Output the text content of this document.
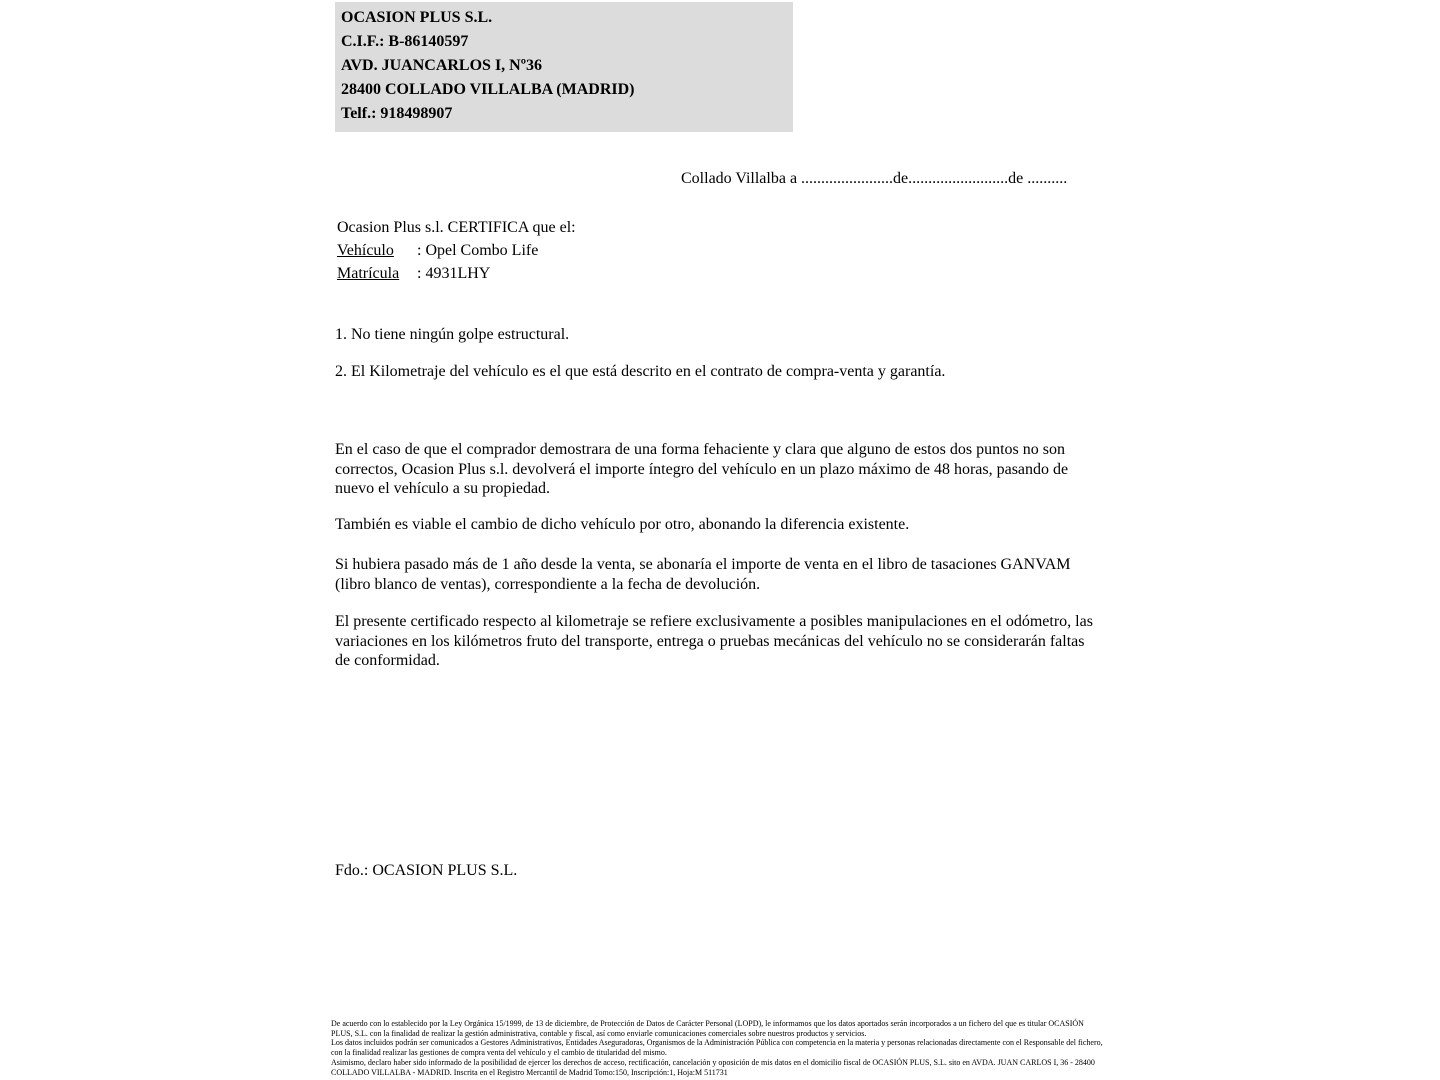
OCASION PLUS S.L.
C.I.F.: B-86140597
AVD. JUANCARLOS I, Nº36
28400 COLLADO VILLALBA (MADRID)
Telf.: 918498907
Collado Villalba a .......................de.........................de ..........
Ocasion Plus s.l. CERTIFICA que el:
Vehículo : Opel Combo Life
Matrícula : 4931LHY
1. No tiene ningún golpe estructural.
2. El Kilometraje del vehículo es el que está descrito en el contrato de compra-venta y garantía.
En el caso de que el comprador demostrara de una forma fehaciente y clara que alguno de estos dos puntos no son correctos, Ocasion Plus s.l. devolverá el importe íntegro del vehículo en un plazo máximo de 48 horas, pasando de nuevo el vehículo a su propiedad.
También es viable el cambio de dicho vehículo por otro, abonando la diferencia existente.
Si hubiera pasado más de 1 año desde la venta, se abonaría el importe de venta en el libro de tasaciones GANVAM (libro blanco de ventas), correspondiente a la fecha de devolución.
El presente certificado respecto al kilometraje se refiere exclusivamente a posibles manipulaciones en el odómetro, las variaciones en los kilómetros fruto del transporte, entrega o pruebas mecánicas del vehículo no se considerarán faltas de conformidad.
Fdo.: OCASION PLUS S.L.
De acuerdo con lo establecido por la Ley Orgánica 15/1999, de 13 de diciembre, de Protección de Datos de Carácter Personal (LOPD), le informamos que los datos aportados serán incorporados a un fichero del que es titular OCASIÓN PLUS, S.L. con la finalidad de realizar la gestión administrativa, contable y fiscal, así como enviarle comunicaciones comerciales sobre nuestros productos y servicios.
Los datos incluidos podrán ser comunicados a Gestores Administrativos, Entidades Aseguradoras, Organismos de la Administración Pública con competencia en la materia y personas relacionadas directamente con el Responsable del fichero, con la finalidad realizar las gestiones de compra venta del vehículo y el cambio de titularidad del mismo.
Asimismo, declaro haber sido informado de la posibilidad de ejercer los derechos de acceso, rectificación, cancelación y oposición de mis datos en el domicilio fiscal de OCASIÓN PLUS, S.L. sito en AVDA. JUAN CARLOS I, 36 - 28400 COLLADO VILLALBA - MADRID. Inscrita en el Registro Mercantil de Madrid Tomo:150, Inscripción:1, Hoja:M 511731
